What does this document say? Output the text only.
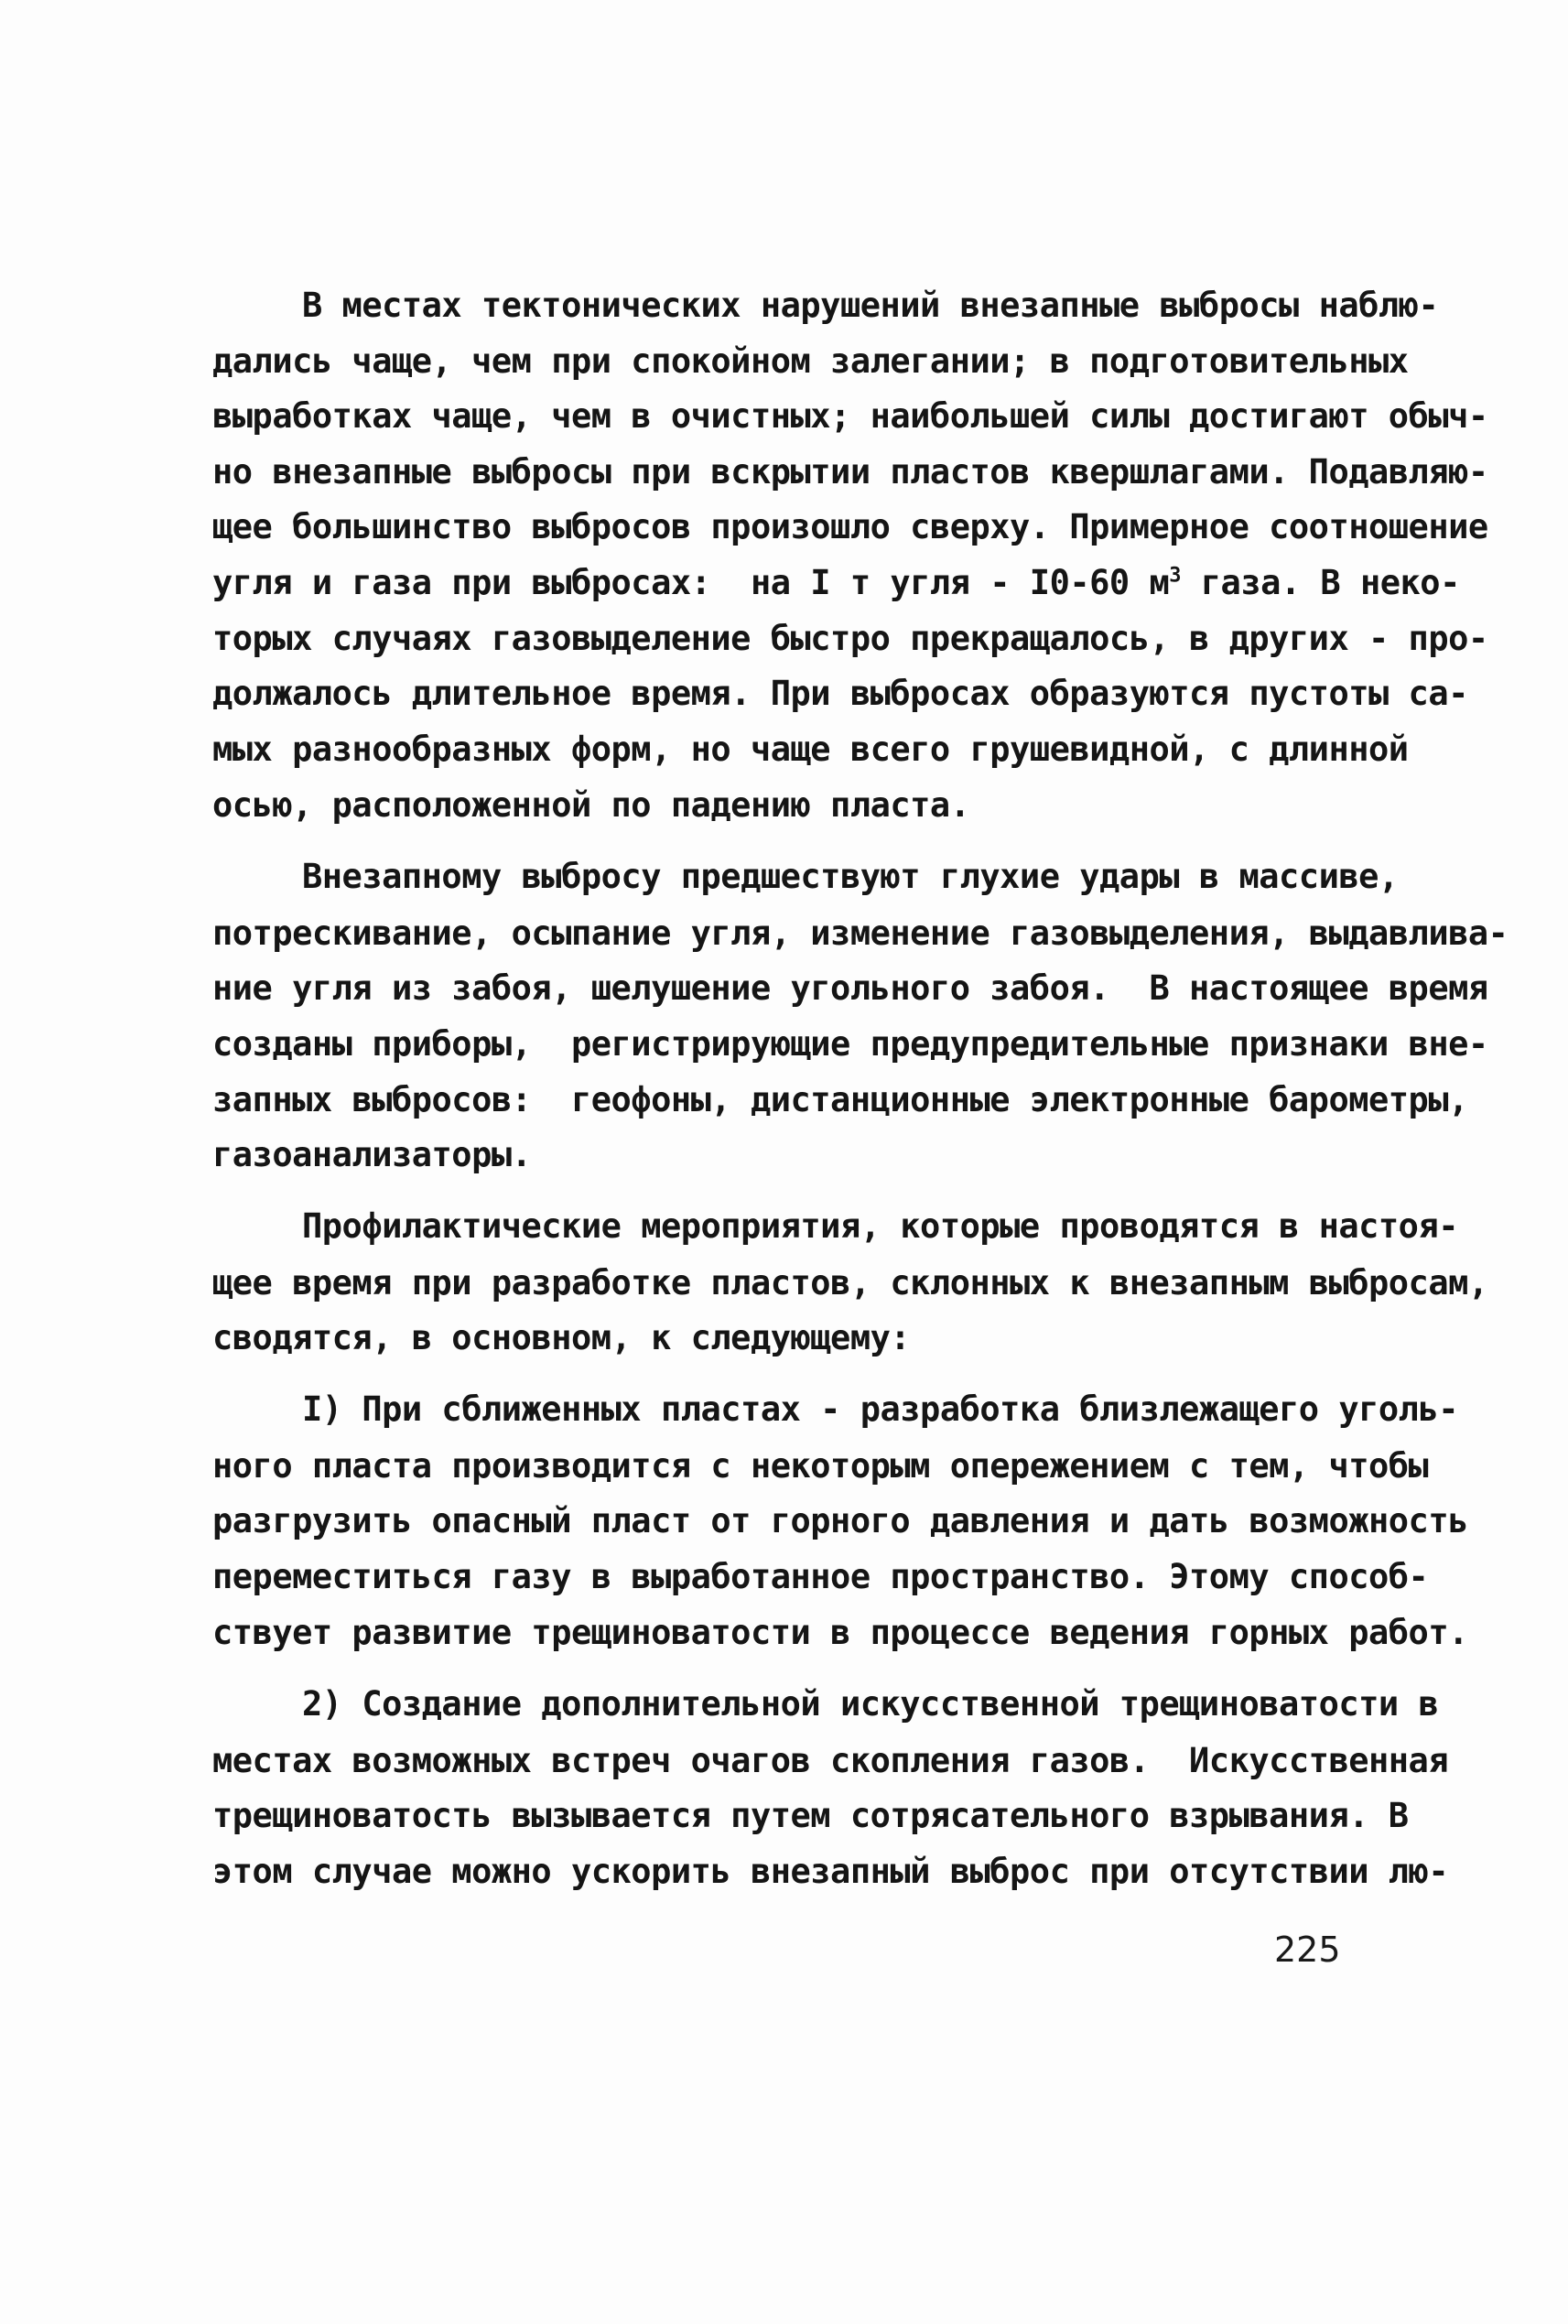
В местах тектонических нарушений внезапные выбросы наблю-
дались чаще, чем при спокойном залегании; в подготовительных
выработках чаще, чем в очистных; наибольшей силы достигают обыч-
но внезапные выбросы при вскрытии пластов квершлагами. Подавляю-
щее большинство выбросов произошло сверху. Примерное соотношение
угля и газа при выбросах:  на I т угля - I0-60 $м^3$ газа. В неко-
торых случаях газовыделение быстро прекращалось, в других - про-
должалось длительное время. При выбросах образуются пустоты са-
мых разнообразных форм, но чаще всего грушевидной, с длинной
осью, расположенной по падению пласта.
Внезапному выбросу предшествуют глухие удары в массиве,
потрескивание, осыпание угля, изменение газовыделения, выдавлива-
ние угля из забоя, шелушение угольного забоя.  В настоящее время
созданы приборы,  регистрирующие предупредительные признаки вне-
запных выбросов:  геофоны, дистанционные электронные барометры,
газоанализаторы.
Профилактические мероприятия, которые проводятся в настоя-
щее время при разработке пластов, склонных к внезапным выбросам,
сводятся, в основном, к следующему:
I) При сближенных пластах - разработка близлежащего уголь-
ного пласта производится с некоторым опережением с тем, чтобы
разгрузить опасный пласт от горного давления и дать возможность
переместиться газу в выработанное пространство. Этому способ-
ствует развитие трещиноватости в процессе ведения горных работ.
2) Создание дополнительной искусственной трещиноватости в
местах возможных встреч очагов скопления газов.  Искусственная
трещиноватость вызывается путем сотрясательного взрывания. В
этом случае можно ускорить внезапный выброс при отсутствии лю-
225
